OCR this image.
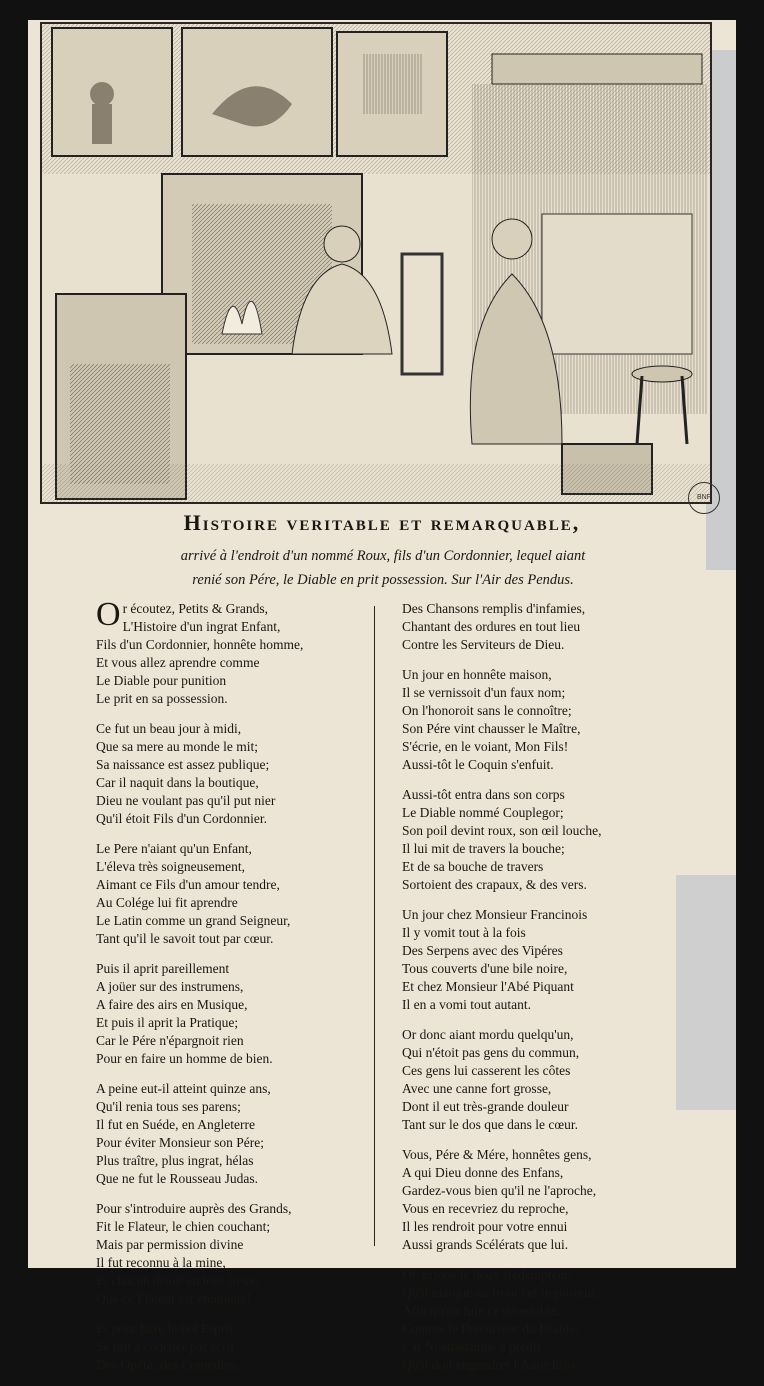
BNF
Histoire veritable et remarquable,
arrivé à l'endroit d'un nommé Roux, fils d'un Cordonnier, lequel aiant
renié son Pére, le Diable en prit possession. Sur l'Air des Pendus.
O r écoutez, Petits & Grands,
L'Histoire d'un ingrat Enfant,
Fils d'un Cordonnier, honnête homme,
Et vous allez aprendre comme
Le Diable pour punition
Le prit en sa possession.
Ce fut un beau jour à midi,
Que sa mere au monde le mit;
Sa naissance est assez publique;
Car il naquit dans la boutique,
Dieu ne voulant pas qu'il put nier
Qu'il étoit Fils d'un Cordonnier.
Le Pere n'aiant qu'un Enfant,
L'éleva très soigneusement,
Aimant ce Fils d'un amour tendre,
Au Colége lui fit aprendre
Le Latin comme un grand Seigneur,
Tant qu'il le savoit tout par cœur.
Puis il aprit pareillement
A joüer sur des instrumens,
A faire des airs en Musique,
Et puis il aprit la Pratique;
Car le Pére n'épargnoit rien
Pour en faire un homme de bien.
A peine eut-il atteint quinze ans,
Qu'il renia tous ses parens;
Il fut en Suéde, en Angleterre
Pour éviter Monsieur son Pére;
Plus traître, plus ingrat, hélas
Que ne fut le Rousseau Judas.
Pour s'introduire auprès des Grands,
Fit le Flateur, le chien couchant;
Mais par permission divine
Il fut reconnu à la mine,
Et chacun disoit en tous lieux,
Que ce Flateur est ennuieux!
Et pour faire le bel Esprit
Se mit à coucher par écrit
Des Opéra, des Comédies,
Des Chansons remplis d'infamies,
Chantant des ordures en tout lieu
Contre les Serviteurs de Dieu.
Un jour en honnête maison,
Il se vernissoit d'un faux nom;
On l'honoroit sans le connoître;
Son Pére vint chausser le Maître,
S'écrie, en le voiant, Mon Fils!
Aussi-tôt le Coquin s'enfuit.
Aussi-tôt entra dans son corps
Le Diable nommé Couplegor;
Son poil devint roux, son œil louche,
Il lui mit de travers la bouche;
Et de sa bouche de travers
Sortoient des crapaux, & des vers.
Un jour chez Monsieur Francinois
Il y vomit tout à la fois
Des Serpens avec des Vipéres
Tous couverts d'une bile noire,
Et chez Monsieur l'Abé Piquant
Il en a vomi tout autant.
Or donc aiant mordu quelqu'un,
Qui n'étoit pas gens du commun,
Ces gens lui casserent les côtes
Avec une canne fort grosse,
Dont il eut très-grande douleur
Tant sur le dos que dans le cœur.
Vous, Pére & Mére, honnêtes gens,
A qui Dieu donne des Enfans,
Gardez-vous bien qu'il ne l'aproche,
Vous en recevriez du reproche,
Il les rendroit pour votre ennui
Aussi grands Scélérats que lui.
Or, prions le doux Redempteur,
Qu'il marque au front cet Imposteur,
Afin qu'on fuie ce détestable:
Comme le Précurseur du Diable;
Car Nostradamus a prédit
Qu'il doit engendrer l'Antéchrist.
